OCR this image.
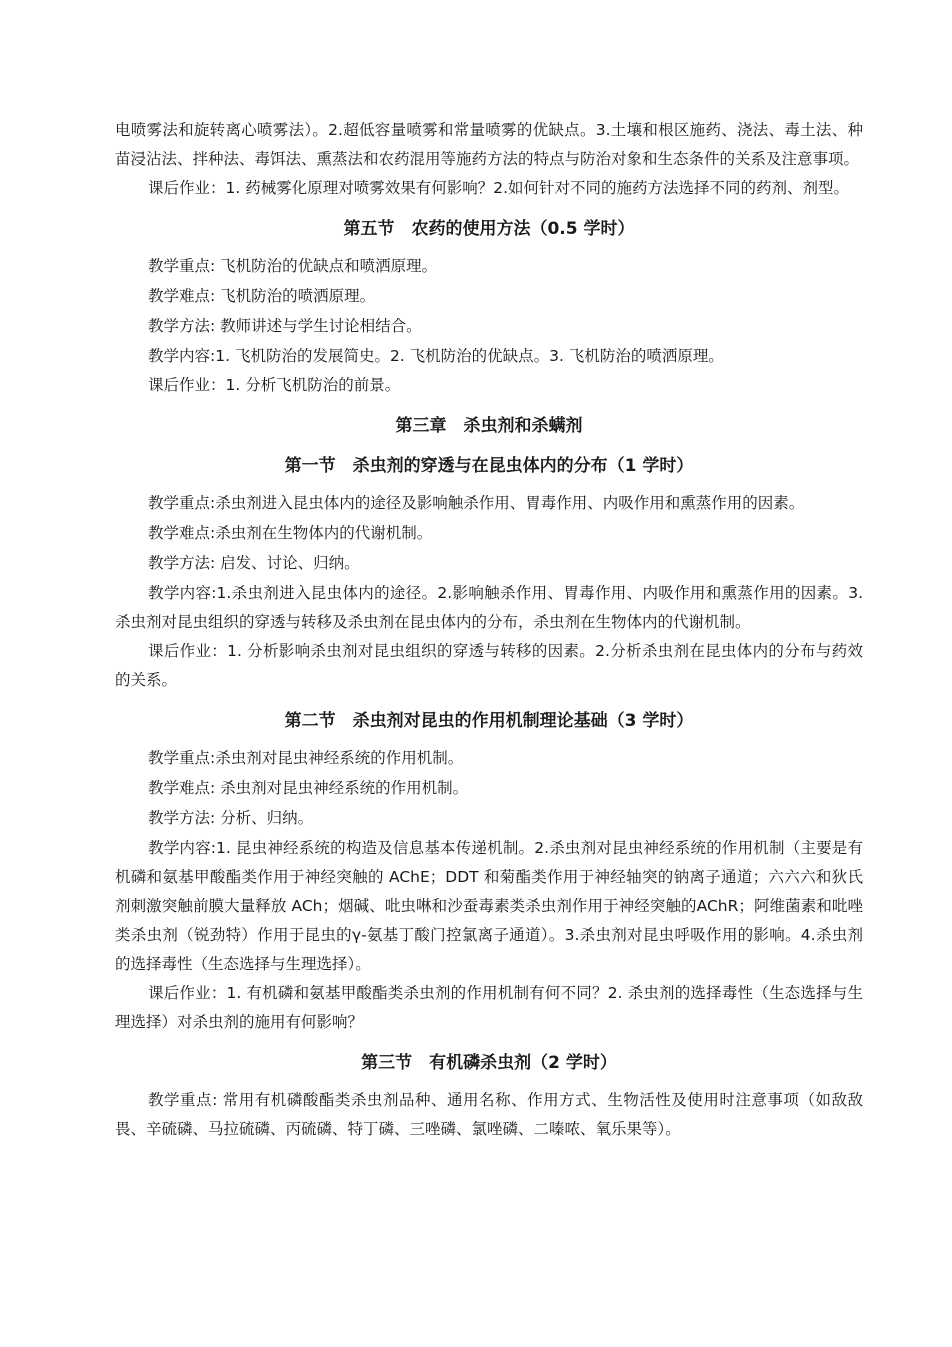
电喷雾法和旋转离心喷雾法）。2.超低容量喷雾和常量喷雾的优缺点。3.土壤和根区施药、浇法、毒土法、种苗浸沾法、拌种法、毒饵法、熏蒸法和农药混用等施药方法的特点与防治对象和生态条件的关系及注意事项。

课后作业：1. 药械雾化原理对喷雾效果有何影响？2.如何针对不同的施药方法选择不同的药剂、剂型。

第五节　农药的使用方法（0.5 学时）

教学重点: 飞机防治的优缺点和喷洒原理。

教学难点: 飞机防治的喷洒原理。

教学方法: 教师讲述与学生讨论相结合。

教学内容:1. 飞机防治的发展简史。2. 飞机防治的优缺点。3. 飞机防治的喷洒原理。

课后作业：1. 分析飞机防治的前景。

第三章　杀虫剂和杀螨剂
第一节　杀虫剂的穿透与在昆虫体内的分布（1 学时）

教学重点:杀虫剂进入昆虫体内的途径及影响触杀作用、胃毒作用、内吸作用和熏蒸作用的因素。

教学难点:杀虫剂在生物体内的代谢机制。

教学方法: 启发、讨论、归纳。

教学内容:1.杀虫剂进入昆虫体内的途径。2.影响触杀作用、胃毒作用、内吸作用和熏蒸作用的因素。3. 杀虫剂对昆虫组织的穿透与转移及杀虫剂在昆虫体内的分布，杀虫剂在生物体内的代谢机制。

课后作业：1. 分析影响杀虫剂对昆虫组织的穿透与转移的因素。2.分析杀虫剂在昆虫体内的分布与药效的关系。

第二节　杀虫剂对昆虫的作用机制理论基础（3 学时）

教学重点:杀虫剂对昆虫神经系统的作用机制。

教学难点: 杀虫剂对昆虫神经系统的作用机制。

教学方法: 分析、归纳。

教学内容:1. 昆虫神经系统的构造及信息基本传递机制。2.杀虫剂对昆虫神经系统的作用机制（主要是有机磷和氨基甲酸酯类作用于神经突触的 AChE；DDT 和菊酯类作用于神经轴突的钠离子通道；六六六和狄氏剂刺激突触前膜大量释放 ACh；烟碱、吡虫啉和沙蚕毒素类杀虫剂作用于神经突触的AChR；阿维菌素和吡唑类杀虫剂（锐劲特）作用于昆虫的γ-氨基丁酸门控氯离子通道）。3.杀虫剂对昆虫呼吸作用的影响。4.杀虫剂的选择毒性（生态选择与生理选择）。

课后作业：1. 有机磷和氨基甲酸酯类杀虫剂的作用机制有何不同？2. 杀虫剂的选择毒性（生态选择与生理选择）对杀虫剂的施用有何影响？

第三节　有机磷杀虫剂（2 学时）

教学重点: 常用有机磷酸酯类杀虫剂品种、通用名称、作用方式、生物活性及使用时注意事项（如敌敌畏、辛硫磷、马拉硫磷、丙硫磷、特丁磷、三唑磷、氯唑磷、二嗪哝、氧乐果等）。
